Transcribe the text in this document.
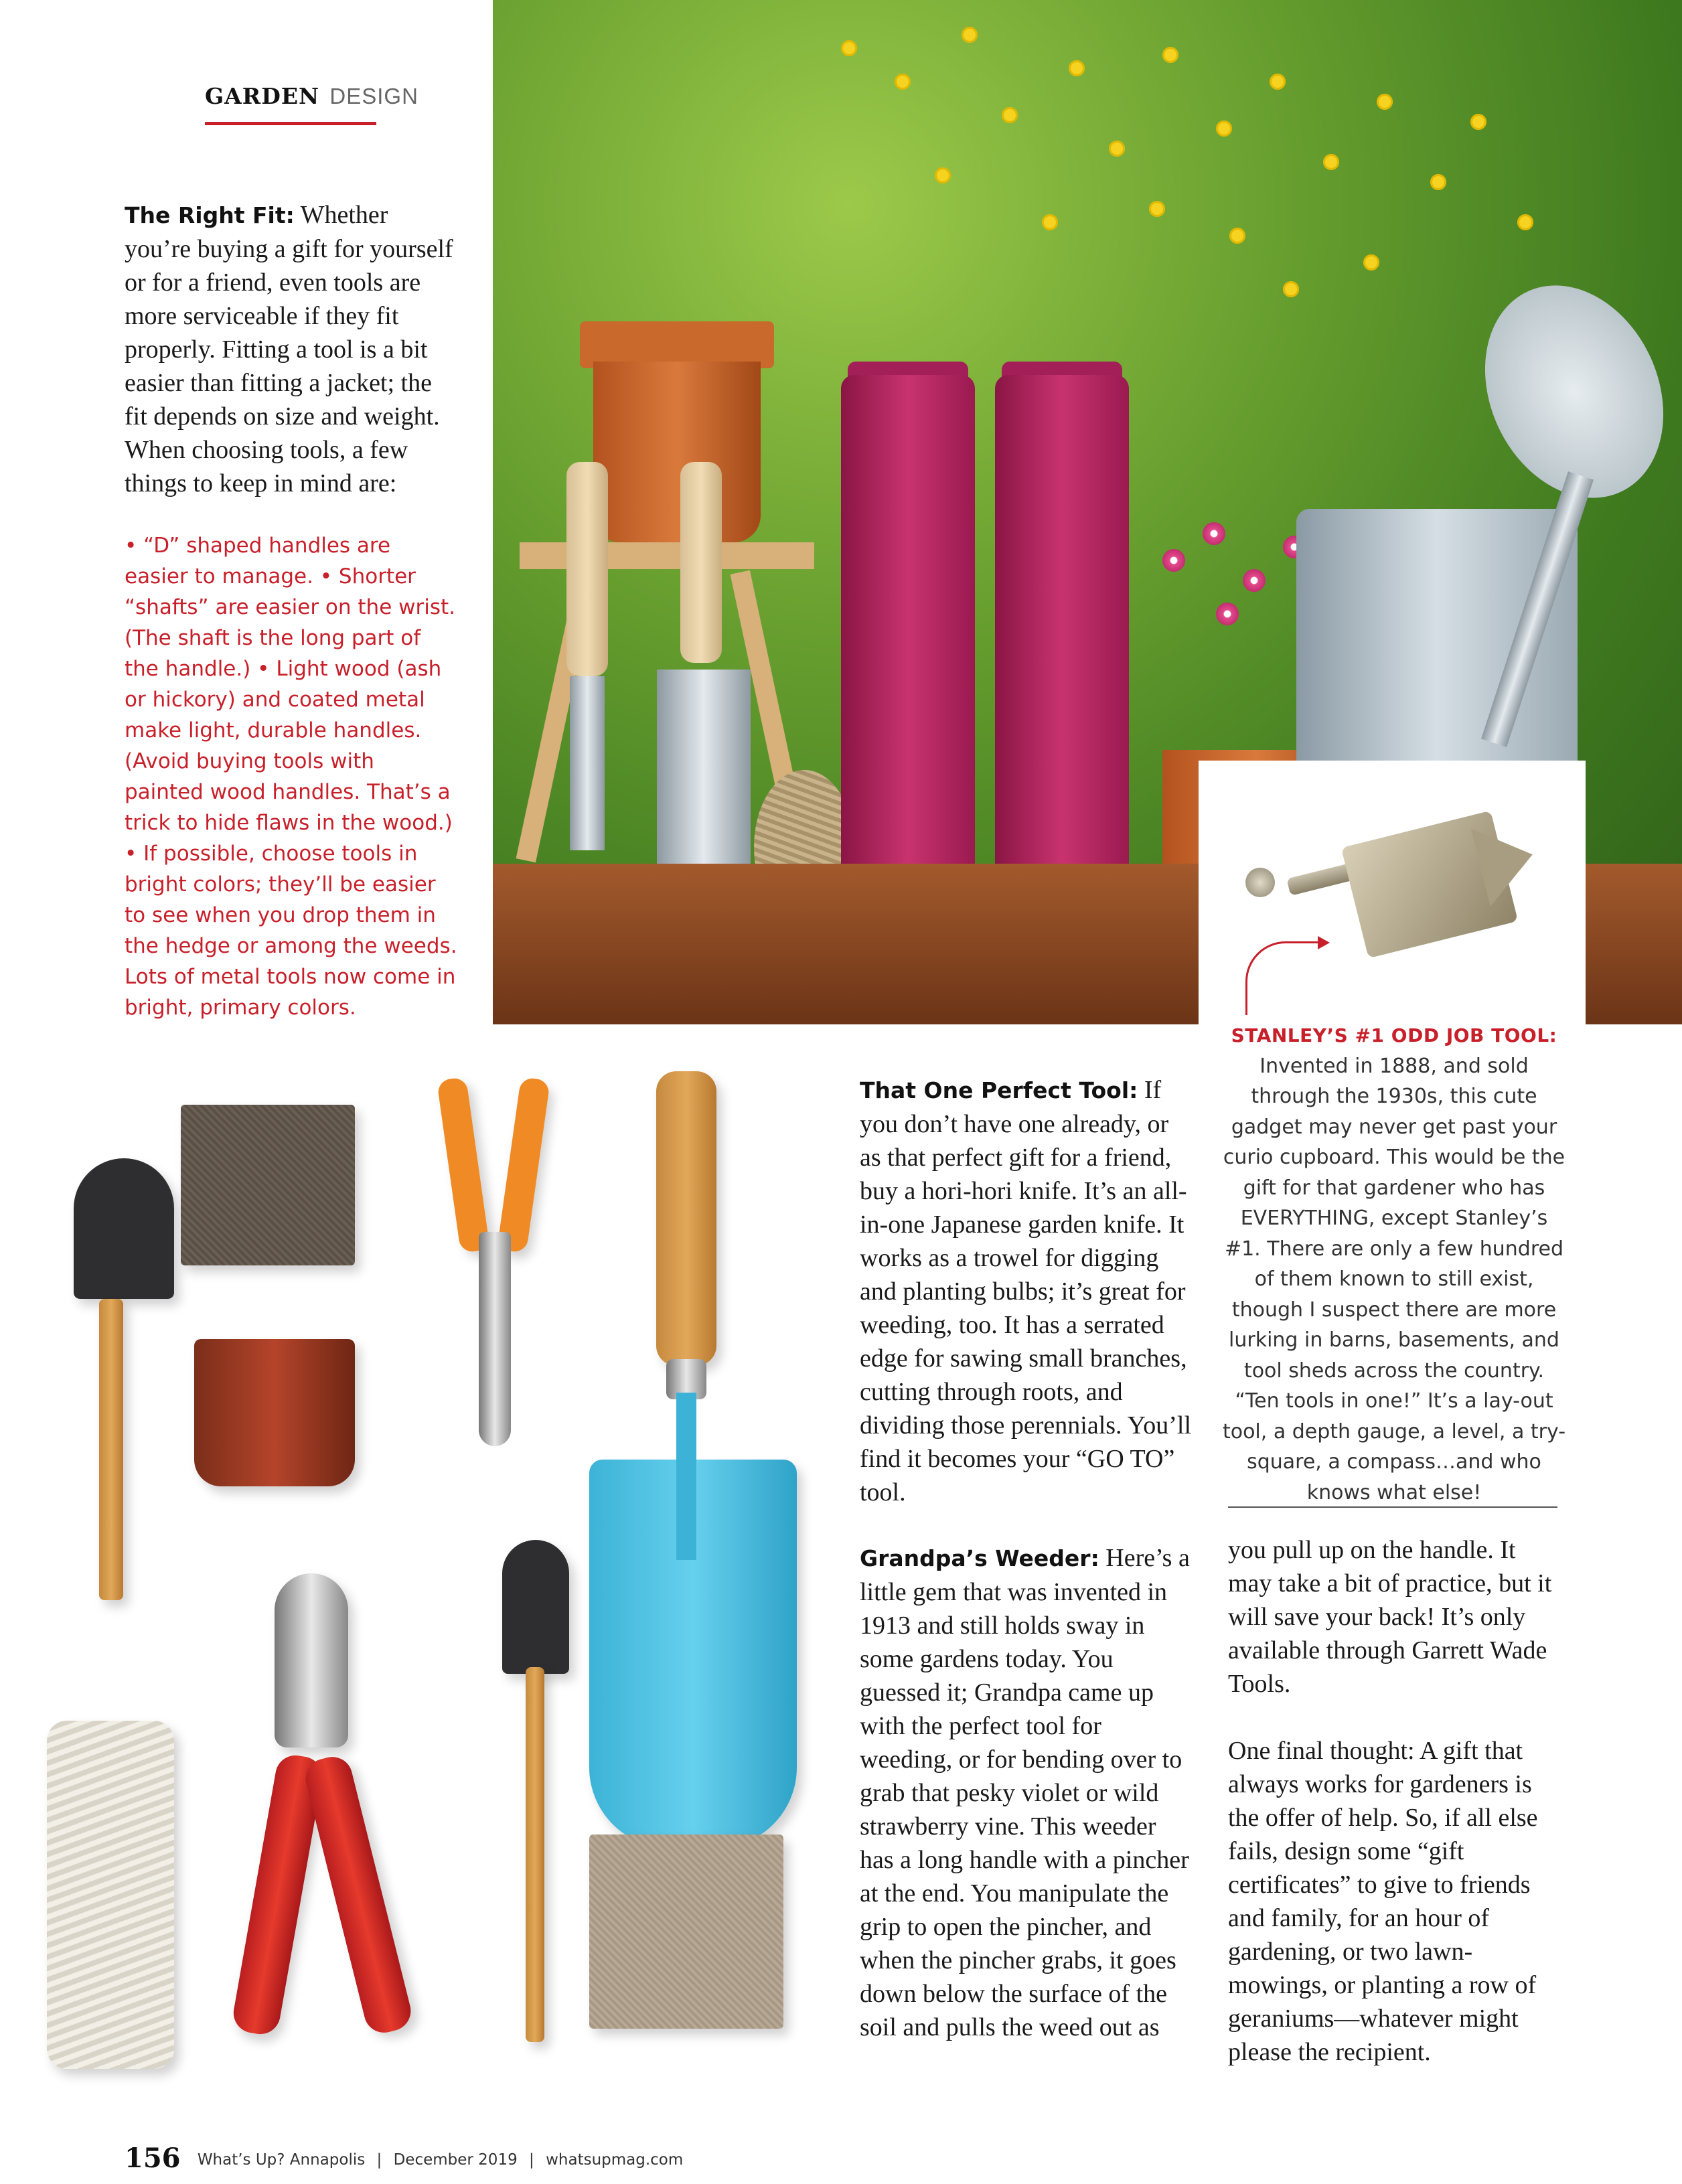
GARDEN DESIGN
The Right Fit: Whether you’re buying a gift for yourself or for a friend, even tools are more serviceable if they fit properly. Fitting a tool is a bit easier than fitting a jacket; the fit depends on size and weight. When choosing tools, a few things to keep in mind are:
• “D” shaped handles are easier to manage. • Shorter “shafts” are easier on the wrist. (The shaft is the long part of the handle.) • Light wood (ash or hickory) and coated metal make light, durable handles. (Avoid buying tools with painted wood handles. That’s a trick to hide flaws in the wood.) • If possible, choose tools in bright colors; they’ll be easier to see when you drop them in the hedge or among the weeds. Lots of metal tools now come in bright, primary colors.
STANLEY’S #1 ODD JOB TOOL:
Invented in 1888, and sold through the 1930s, this cute gadget may never get past your curio cupboard. This would be the gift for that gardener who has EVERYTHING, except Stanley’s #1. There are only a few hundred of them known to still exist, though I suspect there are more lurking in barns, basements, and tool sheds across the country. “Ten tools in one!” It’s a lay-out tool, a depth gauge, a level, a try-square, a compass…and who knows what else!
That One Perfect Tool: If you don’t have one already, or as that perfect gift for a friend, buy a hori-hori knife. It’s an all-in-one Japanese garden knife. It works as a trowel for digging and planting bulbs; it’s great for weeding, too. It has a serrated edge for sawing small branches, cutting through roots, and dividing those perennials. You’ll find it becomes your “GO TO” tool.
Grandpa’s Weeder: Here’s a little gem that was invented in 1913 and still holds sway in some gardens today. You guessed it; Grandpa came up with the perfect tool for weeding, or for bending over to grab that pesky violet or wild strawberry vine. This weeder has a long handle with a pincher at the end. You manipulate the grip to open the pincher, and when the pincher grabs, it goes down below the surface of the soil and pulls the weed out as
you pull up on the handle. It may take a bit of practice, but it will save your back! It’s only available through Garrett Wade Tools.
One final thought: A gift that always works for gardeners is the offer of help. So, if all else fails, design some “gift certificates” to give to friends and family, for an hour of gardening, or two lawn-mowings, or planting a row of geraniums—whatever might please the recipient.
156 What’s Up? Annapolis | December 2019 | whatsupmag.com
